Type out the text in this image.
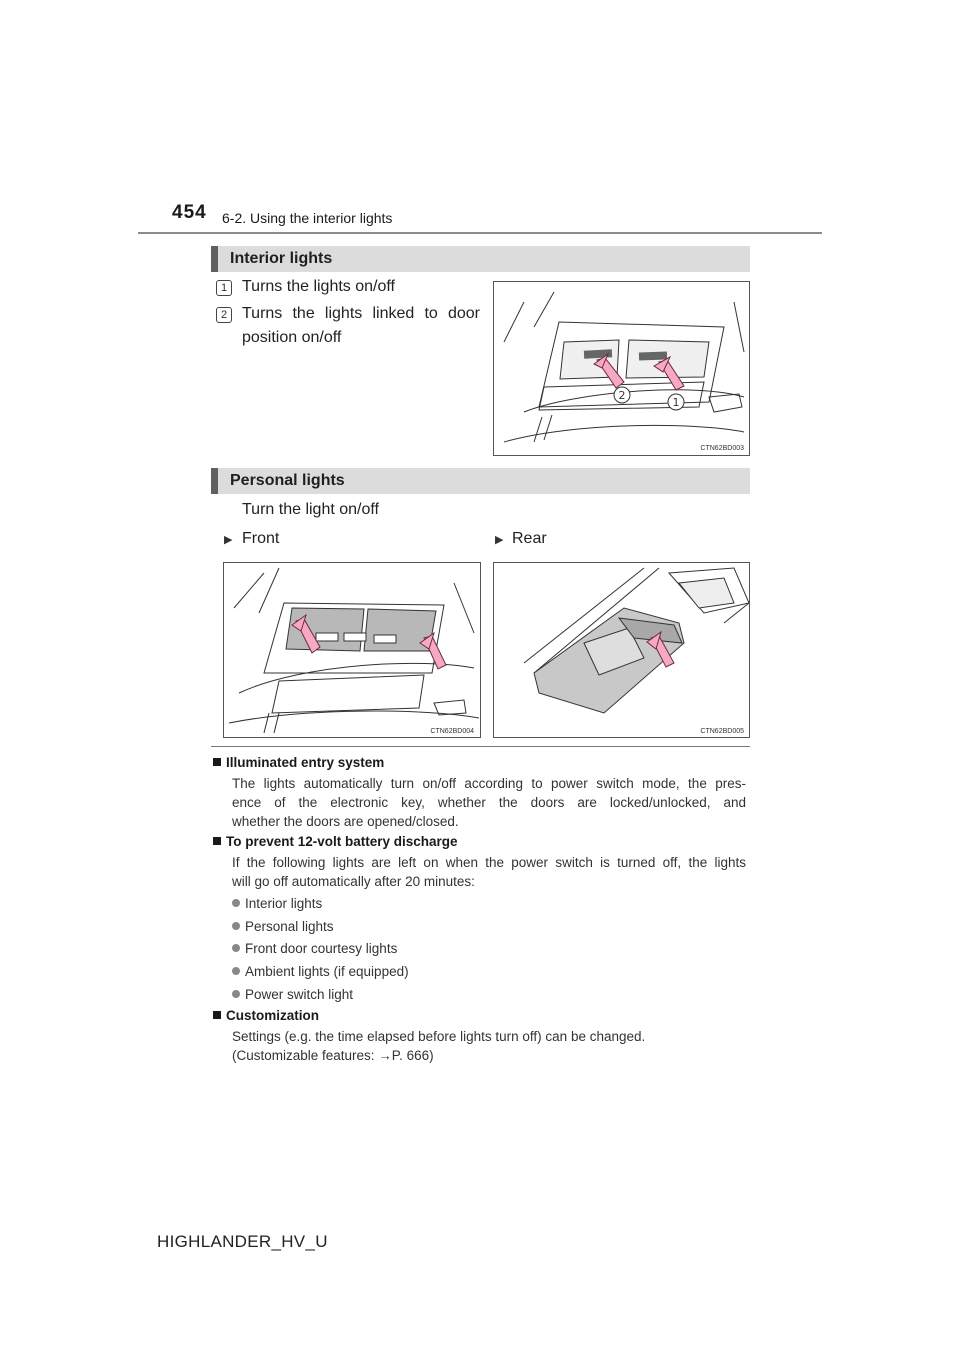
454 6-2. Using the interior lights
Interior lights
1 Turns the lights on/off
2 Turns the lights linked to door
position on/off
2
1
CTN62BD003
Personal lights
Turn the light on/off
▶ Front	▶ Rear
CTN62BD004	CTN62BD005
Illuminated entry system
The lights automatically turn on/off according to power switch mode, the pres-
ence of the electronic key, whether the doors are locked/unlocked, and
whether the doors are opened/closed.
To prevent 12-volt battery discharge
If the following lights are left on when the power switch is turned off, the lights
will go off automatically after 20 minutes:
Interior lights
Personal lights
Front door courtesy lights
Ambient lights (if equipped)
Power switch light
Customization
Settings (e.g. the time elapsed before lights turn off) can be changed.
(Customizable features: →P. 666)
HIGHLANDER_HV_U
